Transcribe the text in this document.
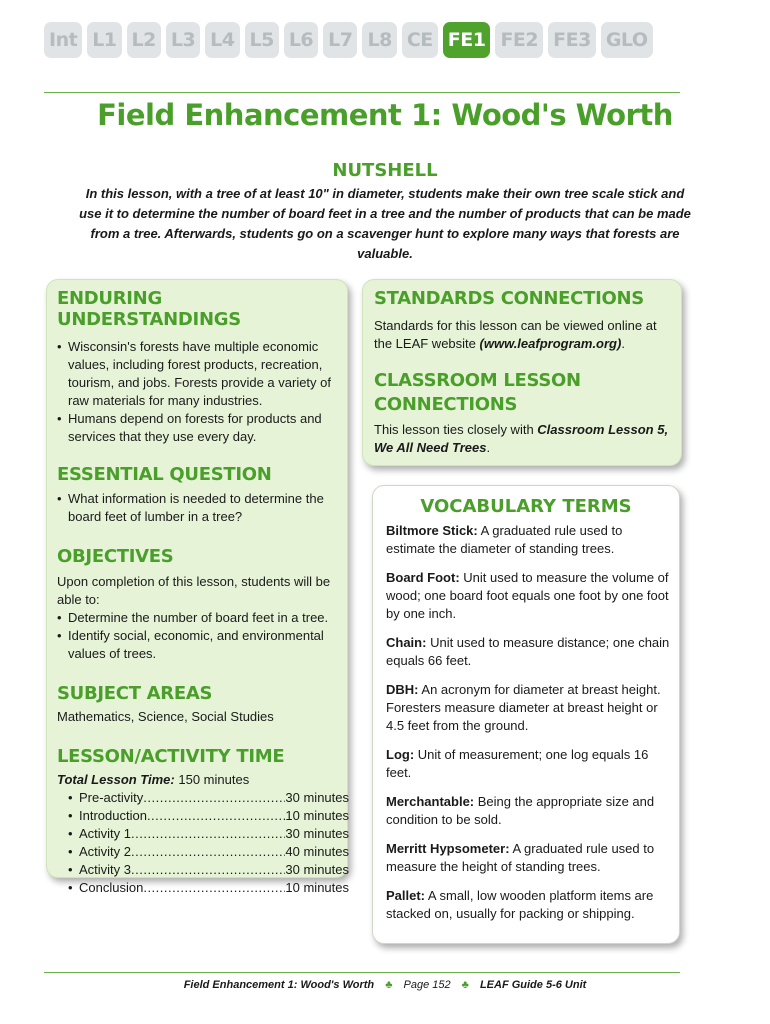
Int L1 L2 L3 L4 L5 L6 L7 L8 CE FE1 FE2 FE3 GLO
Field Enhancement 1: Wood's Worth
NUTSHELL
In this lesson, with a tree of at least 10" in diameter, students make their own tree scale stick and use it to determine the number of board feet in a tree and the number of products that can be made from a tree. Afterwards, students go on a scavenger hunt to explore many ways that forests are valuable.
ENDURING UNDERSTANDINGS
• Wisconsin's forests have multiple economic values, including forest products, recreation, tourism, and jobs. Forests provide a variety of raw materials for many industries.
• Humans depend on forests for products and services that they use every day.
ESSENTIAL QUESTION
• What information is needed to determine the board feet of lumber in a tree?
OBJECTIVES

Upon completion of this lesson, students will be able to:

• Determine the number of board feet in a tree.
• Identify social, economic, and environmental values of trees.
SUBJECT AREAS

Mathematics, Science, Social Studies

LESSON/ACTIVITY TIME

Total Lesson Time: 150 minutes

• Pre-activity .....	30 minutes
• Introduction .....	10 minutes
• Activity 1 .....	30 minutes
• Activity 2 .....	40 minutes
• Activity 3 .....	30 minutes
• Conclusion .....	10 minutes
STANDARDS CONNECTIONS

Standards for this lesson can be viewed online at the LEAF website (www.leafprogram.org).

CLASSROOM LESSON
CONNECTIONS

This lesson ties closely with Classroom Lesson 5, We All Need Trees.

VOCABULARY TERMS

Biltmore Stick: A graduated rule used to estimate the diameter of standing trees.

Board Foot: Unit used to measure the volume of wood; one board foot equals one foot by one foot by one inch.

Chain: Unit used to measure distance; one chain equals 66 feet.

DBH: An acronym for diameter at breast height. Foresters measure diameter at breast height or 4.5 feet from the ground.

Log: Unit of measurement; one log equals 16 feet.

Merchantable: Being the appropriate size and condition to be sold.

Merritt Hypsometer: A graduated rule used to measure the height of standing trees.

Pallet: A small, low wooden platform items are stacked on, usually for packing or shipping.

Field Enhancement 1: Wood's Worth ♣ Page 152 ♣ LEAF Guide 5-6 Unit
